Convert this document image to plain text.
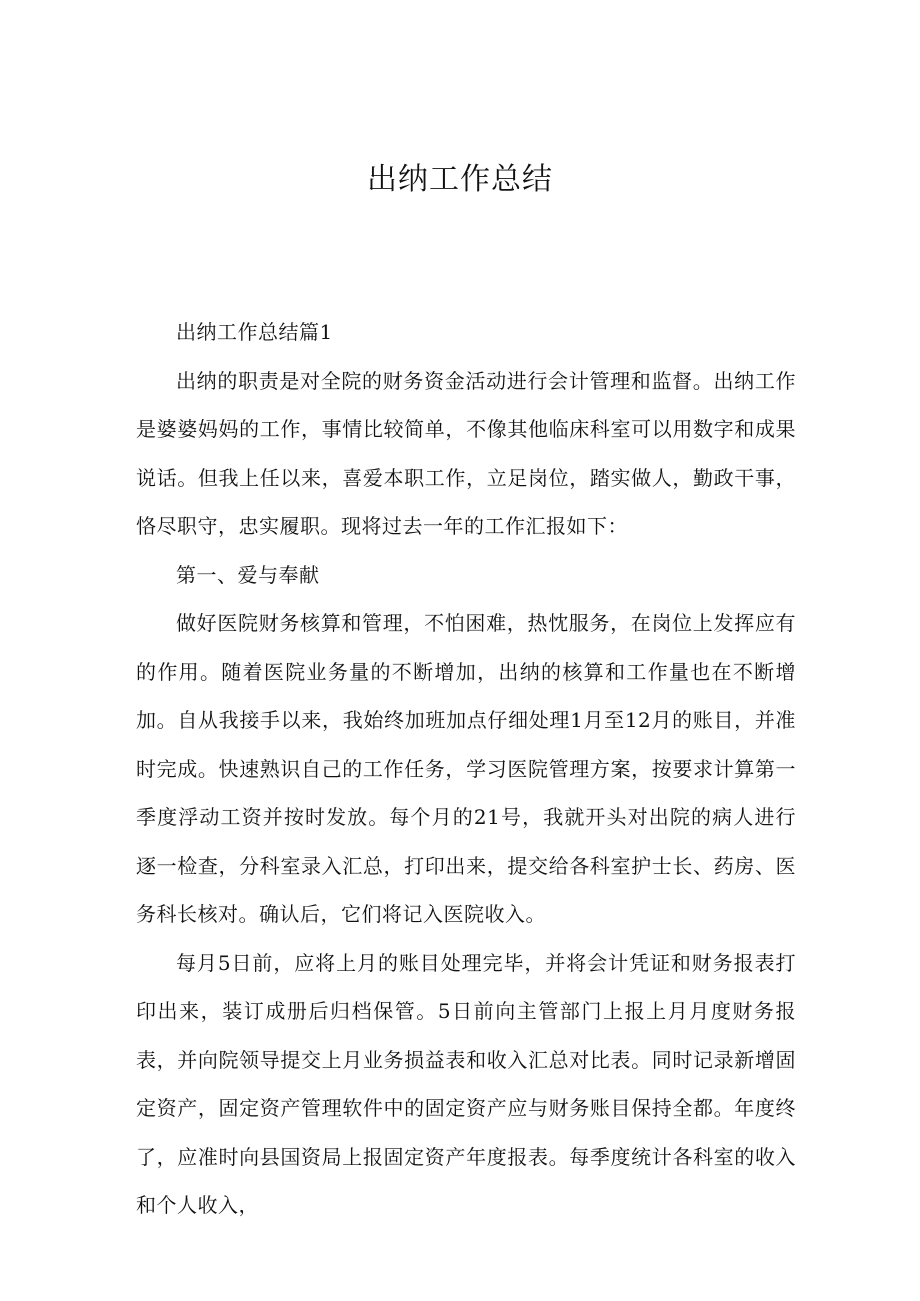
出纳工作总结

出纳工作总结篇1

出纳的职责是对全院的财务资金活动进行会计管理和监督。出纳工作是婆婆妈妈的工作，事情比较简单，不像其他临床科室可以用数字和成果说话。但我上任以来，喜爱本职工作，立足岗位，踏实做人，勤政干事，恪尽职守，忠实履职。现将过去一年的工作汇报如下：

第一、爱与奉献

做好医院财务核算和管理，不怕困难，热忱服务，在岗位上发挥应有的作用。随着医院业务量的不断增加，出纳的核算和工作量也在不断增加。自从我接手以来，我始终加班加点仔细处理1月至12月的账目，并准时完成。快速熟识自己的工作任务，学习医院管理方案，按要求计算第一季度浮动工资并按时发放。每个月的21号，我就开头对出院的病人进行逐一检查，分科室录入汇总，打印出来，提交给各科室护士长、药房、医务科长核对。确认后，它们将记入医院收入。

每月5日前，应将上月的账目处理完毕，并将会计凭证和财务报表打印出来，装订成册后归档保管。5日前向主管部门上报上月月度财务报表，并向院领导提交上月业务损益表和收入汇总对比表。同时记录新增固定资产，固定资产管理软件中的固定资产应与财务账目保持全都。年度终了，应准时向县国资局上报固定资产年度报表。每季度统计各科室的收入和个人收入，
